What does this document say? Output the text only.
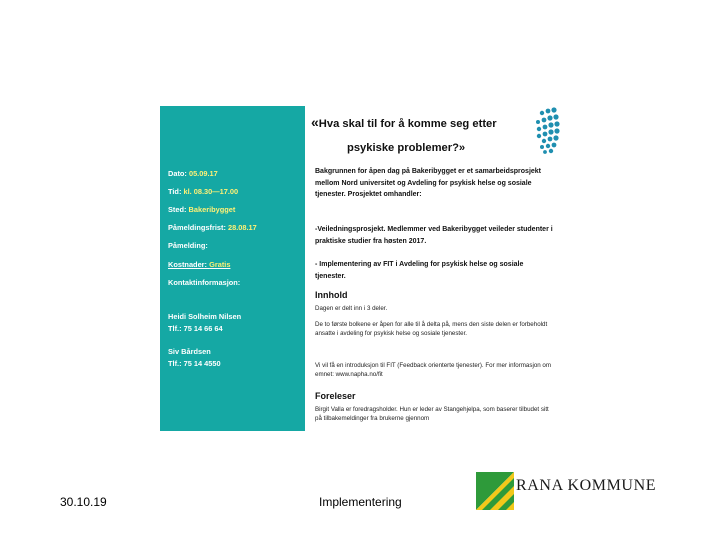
Dato: 05.09.17
Tid: kl. 08.30—17.00
Sted: Bakeribygget
Påmeldingsfrist: 28.08.17
Påmelding:
Kostnader: Gratis
Kontaktinformasjon:
Heidi Solheim Nilsen
Tlf.: 75 14 66 64
Siv Bårdsen
Tlf.: 75 14 4550
«Hva skal til for å komme seg etter
psykiske problemer?»
Bakgrunnen for åpen dag på Bakeribygget er et samarbeidsprosjekt mellom Nord universitet og Avdeling for psykisk helse og sosiale tjenester. Prosjektet omhandler:
-Veiledningsprosjekt. Medlemmer ved Bakeribygget veileder studenter i praktiske studier fra høsten 2017.
- Implementering av FIT i Avdeling for psykisk helse og sosiale tjenester.
Innhold
Dagen er delt inn i 3 deler.
De to første bolkene er åpen for alle til å delta på, mens den siste delen er forbeholdt ansatte i avdeling for psykisk helse og sosiale tjenester.
Vi vil få en introduksjon til FIT (Feedback orienterte tjenester). For mer informasjon om emnet: www.napha.no/fit
Foreleser
Birgit Valla er foredragsholder. Hun er leder av Stangehjelpa, som baserer tilbudet sitt på tilbakemeldinger fra brukerne gjennom
30.10.19	Implementering
RANA KOMMUNE
